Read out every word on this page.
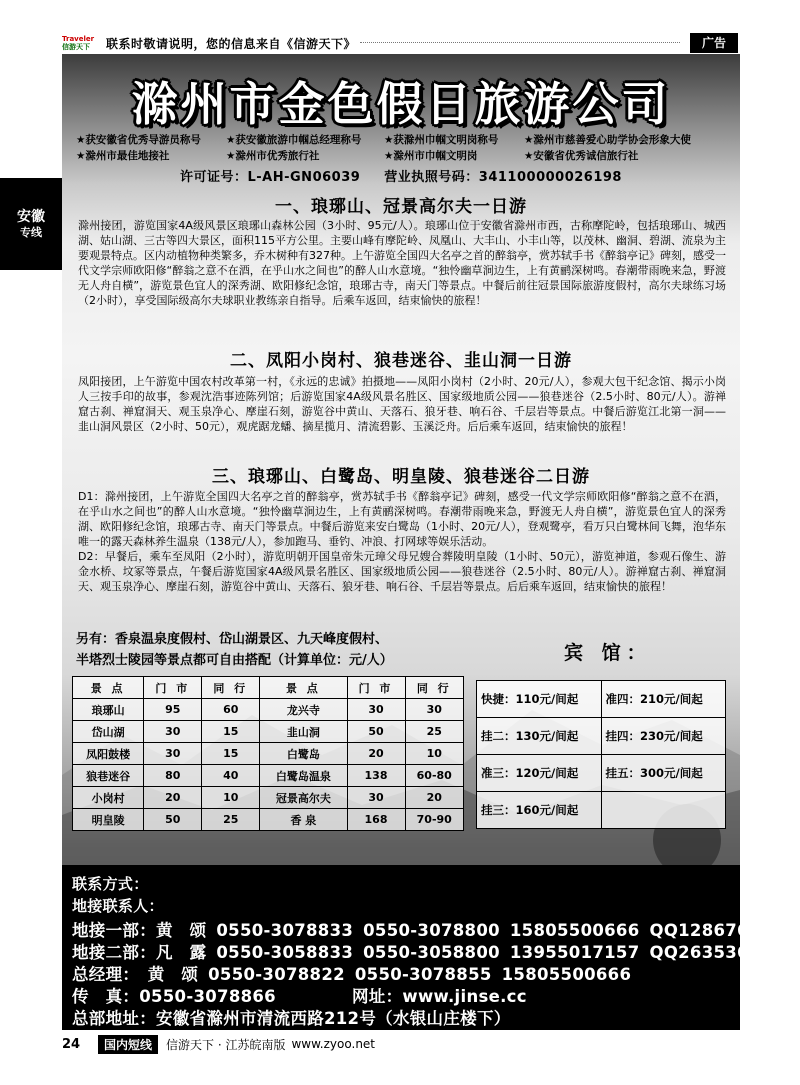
Traveler
信游天下	联系时敬请说明，您的信息来自《信游天下》	广告
安徽
专线
滁州市金色假日旅游公司
★获安徽省优秀导游员称号	★获安徽旅游巾帼总经理称号	★获滁州巾帼文明岗称号	★滁州市慈善爱心助学协会形象大使
★滁州市最佳地接社	★滁州市优秀旅行社	★滁州市巾帼文明岗	★安徽省优秀诚信旅行社
许可证号：L-AH-GN06039 营业执照号码：341100000026198
一、琅琊山、冠景高尔夫一日游
滁州接团，游览国家4A级风景区琅琊山森林公园（3小时、95元/人）。琅琊山位于安徽省滁州市西，古称摩陀岭，包括琅琊山、城西湖、姑山湖、三古等四大景区，面积115平方公里。主要山峰有摩陀岭、凤凰山、大丰山、小丰山等，以茂林、幽洞、碧湖、流泉为主要观景特点。区内动植物种类繁多，乔木树种有327种。上午游览全国四大名亭之首的醉翁亭，赏苏轼手书《醉翁亭记》碑刻，感受一代文学宗师欧阳修“醉翁之意不在酒，在乎山水之间也”的醉人山水意境。“独怜幽草涧边生，上有黄鹂深树鸣。春潮带雨晚来急，野渡无人舟自横”，游览景色宜人的深秀湖、欧阳修纪念馆，琅琊古寺，南天门等景点。中餐后前往冠景国际旅游度假村，高尔夫球练习场（2小时），享受国际级高尔夫球职业教练亲自指导。后乘车返回，结束愉快的旅程！
二、凤阳小岗村、狼巷迷谷、韭山洞一日游
凤阳接团，上午游览中国农村改革第一村，《永远的忠诚》拍摄地——凤阳小岗村（2小时、20元/人），参观大包干纪念馆、揭示小岗人三按手印的故事，参观沈浩事迹陈列馆；后游览国家4A级风景名胜区、国家级地质公园——狼巷迷谷（2.5小时、80元/人）。游禅窟古刹、禅窟洞天、观玉泉净心、摩崖石刻，游览谷中黄山、天落石、狼牙巷、响石谷、千层岩等景点。中餐后游览江北第一洞——韭山洞风景区（2小时、50元），观虎踞龙蟠、摘星揽月、清流碧影、玉溪泛舟。后后乘车返回，结束愉快的旅程！
三、琅琊山、白鹭岛、明皇陵、狼巷迷谷二日游
D1：滁州接团，上午游览全国四大名亭之首的醉翁亭，赏苏轼手书《醉翁亭记》碑刻，感受一代文学宗师欧阳修“醉翁之意不在酒，在乎山水之间也”的醉人山水意境。“独怜幽草涧边生，上有黄鹂深树鸣。春潮带雨晚来急，野渡无人舟自横”，游览景色宜人的深秀湖、欧阳修纪念馆，琅琊古寺、南天门等景点。中餐后游览来安白鹭岛（1小时、20元/人），登观鹭亭，看万只白鹭林间飞舞，泡华东唯一的露天森林养生温泉（138元/人），参加跑马、垂钓、冲浪、打网球等娱乐活动。
D2：早餐后，乘车至凤阳（2小时），游览明朝开国皇帝朱元璋父母兄嫂合葬陵明皇陵（1小时、50元），游览神道，参观石像生、游金水桥、坟冢等景点，午餐后游览国家4A级风景名胜区、国家级地质公园——狼巷迷谷（2.5小时、80元/人）。游禅窟古刹、禅窟洞天、观玉泉净心、摩崖石刻，游览谷中黄山、天落石、狼牙巷、响石谷、千层岩等景点。后后乘车返回，结束愉快的旅程！
另有：香泉温泉度假村、岱山湖景区、九天峰度假村、
半塔烈士陵园等景点都可自由搭配（计算单位：元/人）	宾 馆：
景 点	门 市	同 行	景 点	门 市	同 行
琅琊山	95	60	龙兴寺	30	30
岱山湖	30	15	韭山洞	50	25
凤阳鼓楼	30	15	白鹭岛	20	10
狼巷迷谷	80	40	白鹭岛温泉	138	60-80
小岗村	20	10	冠景高尔夫	30	20
明皇陵	50	25	香 泉	168	70-90
快捷：110元/间起	准四：210元/间起
挂二：130元/间起	挂四：230元/间起
准三：120元/间起	挂五：300元/间起
挂三：160元/间起	
联系方式：
地接联系人：
地接一部：黄　颂 0550-3078833 0550-3078800 15805500666 QQ1286764198
地接二部：凡　露 0550-3058833 0550-3058800 13955017157 QQ2635367666
总经理：　黄　颂 0550-3078822 0550-3078855 15805500666
传　真：0550-3078866	网址：www.jinse.cc
总部地址：安徽省滁州市清流西路212号（水银山庄楼下）
24	国内短线	信游天下 · 江苏皖南版 www.zyoo.net
